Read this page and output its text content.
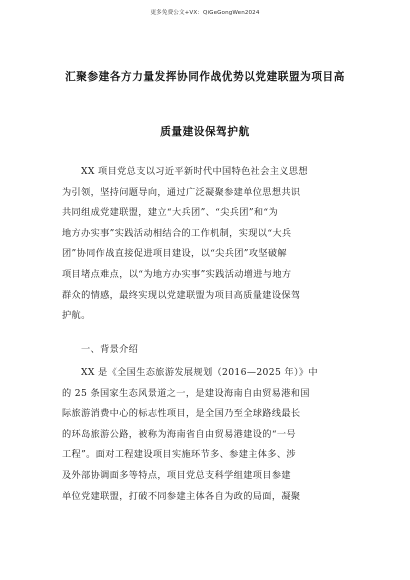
更多免费公文+VX：QiGeGongWen2024
汇聚参建各方力量发挥协同作战优势以党建联盟为项目高
质量建设保驾护航
XX 项目党总支以习近平新时代中国特色社会主义思想
为引领，坚持问题导向，通过广泛凝聚参建单位思想共识
共同组成党建联盟，建立“大兵团”、“尖兵团”和“为
地方办实事”实践活动相结合的工作机制，实现以“大兵
团”协同作战直接促进项目建设，以“尖兵团”攻坚破解
项目堵点难点，以“为地方办实事”实践活动增进与地方
群众的情感，最终实现以党建联盟为项目高质量建设保驾
护航。
一、背景介绍
XX 是《全国生态旅游发展规划（2016—2025 年）》中
的 25 条国家生态风景道之一，是建设海南自由贸易港和国
际旅游消费中心的标志性项目，是全国乃至全球路线最长
的环岛旅游公路，被称为海南省自由贸易港建设的“一号
工程”。面对工程建设项目实施环节多、参建主体多、涉
及外部协调面多等特点，项目党总支科学组建项目参建
单位党建联盟，打破不同参建主体各自为政的局面，凝聚
